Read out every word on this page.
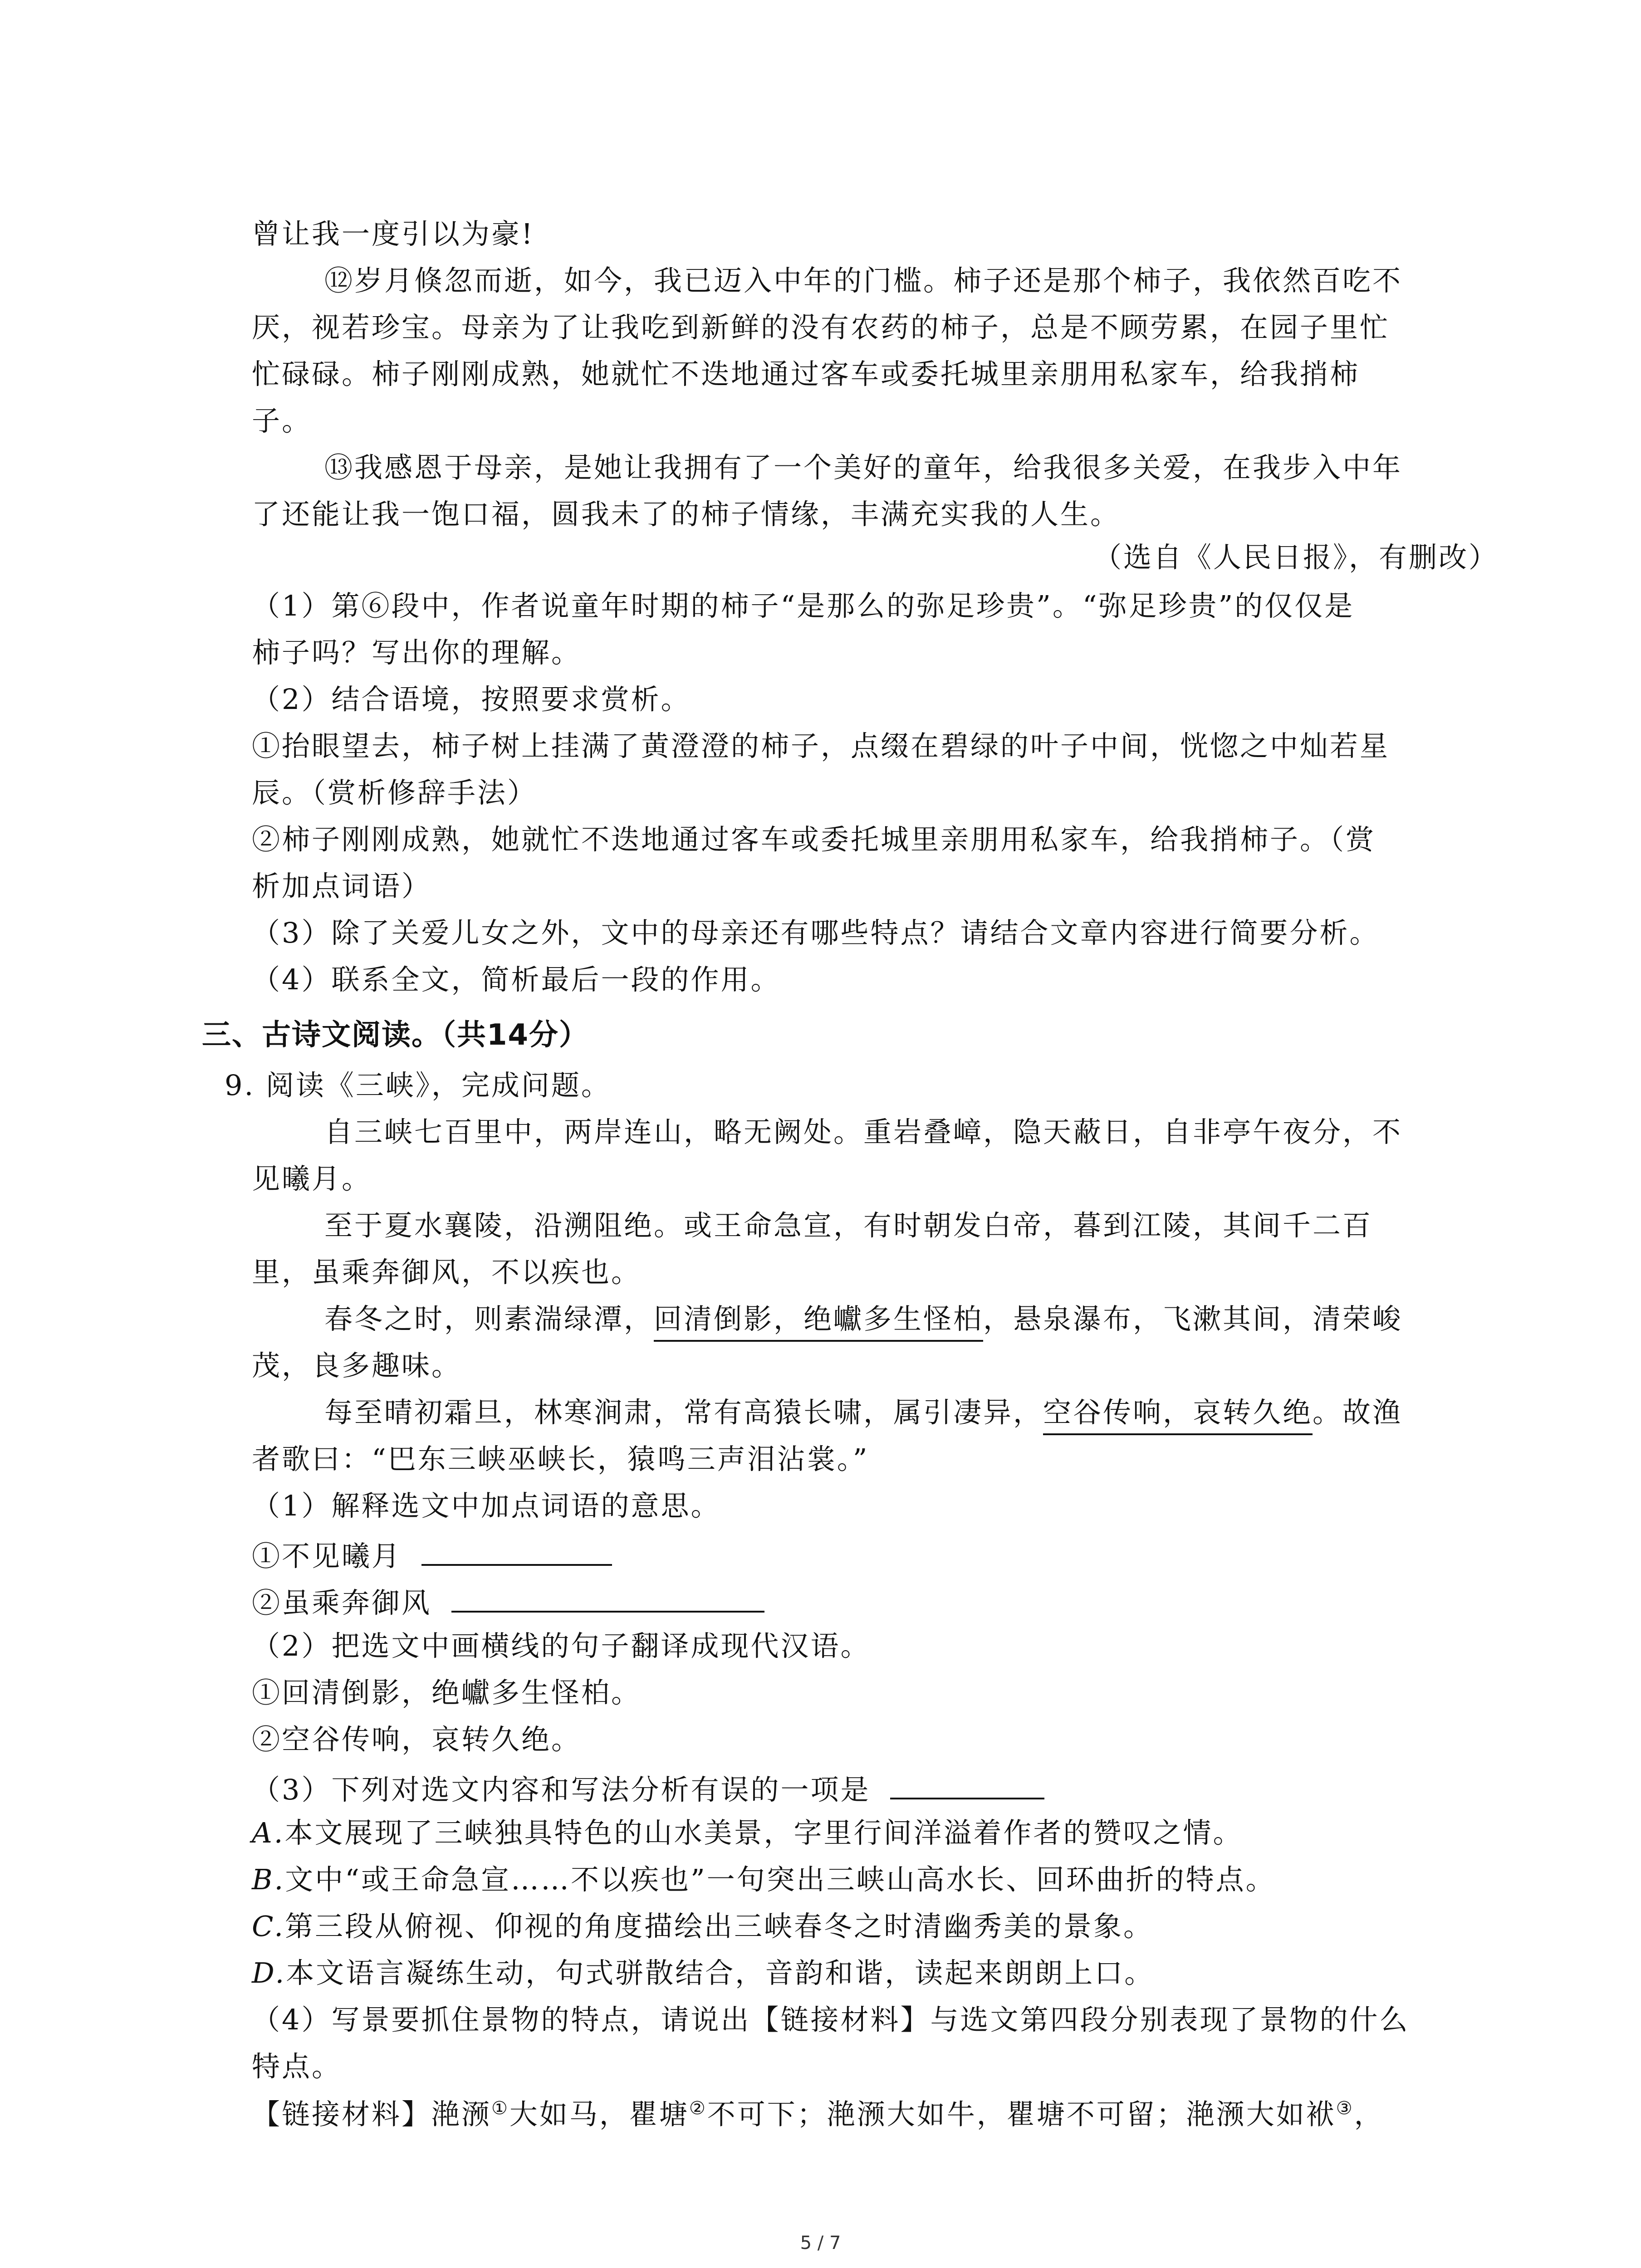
曾让我一度引以为豪!
⑫岁月倏忽而逝，如今，我已迈入中年的门槛。柿子还是那个柿子，我依然百吃不
厌，视若珍宝。母亲为了让我吃到新鲜的没有农药的柿子，总是不顾劳累，在园子里忙
忙碌碌。柿子刚刚成熟，她就忙不迭地通过客车或委托城里亲朋用私家车，给我捎柿
子。
⑬我感恩于母亲，是她让我拥有了一个美好的童年，给我很多关爱，在我步入中年
了还能让我一饱口福，圆我未了的柿子情缘，丰满充实我的人生。
（选自《人民日报》，有删改）
（1）第⑥段中，作者说童年时期的柿子“是那么的弥足珍贵”。“弥足珍贵”的仅仅是
柿子吗？写出你的理解。
（2）结合语境，按照要求赏析。
①抬眼望去，柿子树上挂满了黄澄澄的柿子，点缀在碧绿的叶子中间，恍惚之中灿若星
辰。（赏析修辞手法）
②柿子刚刚成熟，她就忙不迭地通过客车或委托城里亲朋用私家车，给我捎柿子。（赏
析加点词语）
（3）除了关爱儿女之外，文中的母亲还有哪些特点？请结合文章内容进行简要分析。
（4）联系全文，简析最后一段的作用。
三、古诗文阅读。（共14分）
9. 阅读《三峡》，完成问题。
自三峡七百里中，两岸连山，略无阙处。重岩叠嶂，隐天蔽日，自非亭午夜分，不
见曦月。
至于夏水襄陵，沿溯阻绝。或王命急宣，有时朝发白帝，暮到江陵，其间千二百
里，虽乘奔御风，不以疾也。
春冬之时，则素湍绿潭，回清倒影，绝巘多生怪柏，悬泉瀑布，飞漱其间，清荣峻
茂，良多趣味。
每至晴初霜旦，林寒涧肃，常有高猿长啸，属引凄异，空谷传响，哀转久绝。故渔
者歌曰：“巴东三峡巫峡长，猿鸣三声泪沾裳。”
（1）解释选文中加点词语的意思。
①不见曦月
②虽乘奔御风
（2）把选文中画横线的句子翻译成现代汉语。
①回清倒影，绝巘多生怪柏。
②空谷传响，哀转久绝。
（3）下列对选文内容和写法分析有误的一项是
A.本文展现了三峡独具特色的山水美景，字里行间洋溢着作者的赞叹之情。
B.文中“或王命急宣……不以疾也”一句突出三峡山高水长、回环曲折的特点。
C.第三段从俯视、仰视的角度描绘出三峡春冬之时清幽秀美的景象。
D.本文语言凝练生动，句式骈散结合，音韵和谐，读起来朗朗上口。
（4）写景要抓住景物的特点，请说出【链接材料】与选文第四段分别表现了景物的什么
特点。
【链接材料】滟滪①大如马，瞿塘②不可下；滟滪大如牛，瞿塘不可留；滟滪大如袱③，
5 / 7
